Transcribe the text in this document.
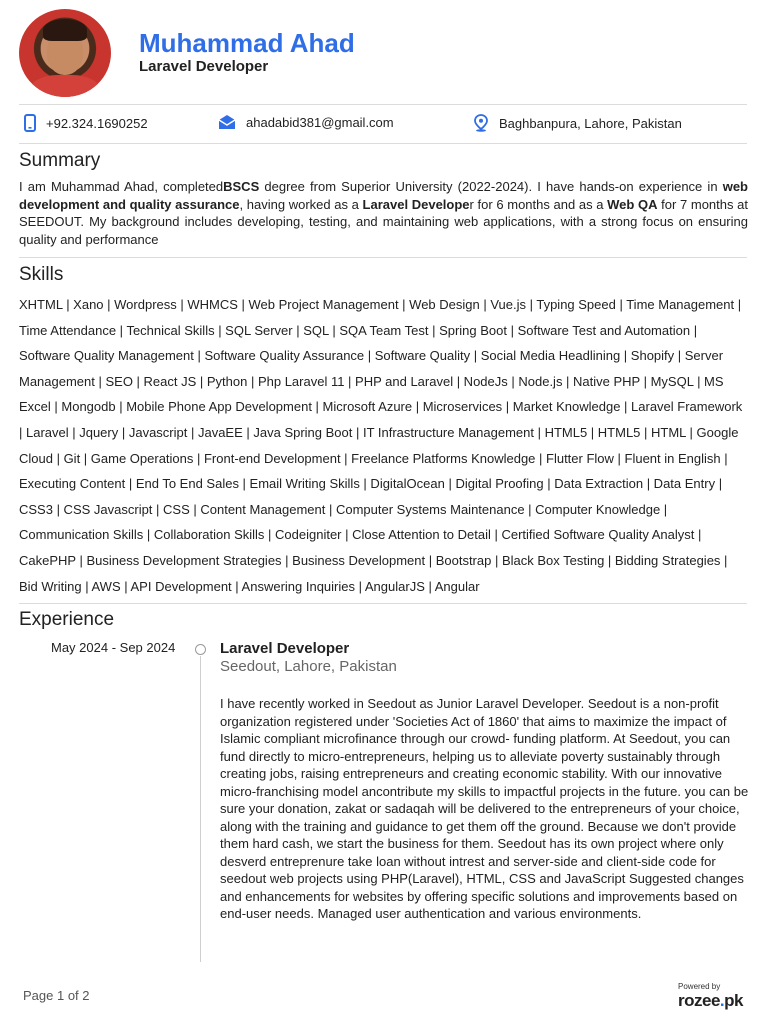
Muhammad Ahad
Laravel Developer
+92.324.1690252	ahadabid381@gmail.com	Baghbanpura, Lahore, Pakistan
Summary
I am Muhammad Ahad, completedBSCS degree from Superior University (2022-2024). I have hands-on experience in web development and quality assurance, having worked as a Laravel Developer for 6 months and as a Web QA for 7 months at SEEDOUT. My background includes developing, testing, and maintaining web applications, with a strong focus on ensuring quality and performance
Skills
XHTML | Xano | Wordpress | WHMCS | Web Project Management | Web Design | Vue.js | Typing Speed | Time Management | Time Attendance | Technical Skills | SQL Server | SQL | SQA Team Test | Spring Boot | Software Test and Automation | Software Quality Management | Software Quality Assurance | Software Quality | Social Media Headlining | Shopify | Server Management | SEO | React JS | Python | Php Laravel 11 | PHP and Laravel | NodeJs | Node.js | Native PHP | MySQL | MS Excel | Mongodb | Mobile Phone App Development | Microsoft Azure | Microservices | Market Knowledge | Laravel Framework | Laravel | Jquery | Javascript | JavaEE | Java Spring Boot | IT Infrastructure Management | HTML5 | HTML5 | HTML | Google Cloud | Git | Game Operations | Front-end Development | Freelance Platforms Knowledge | Flutter Flow | Fluent in English | Executing Content | End To End Sales | Email Writing Skills | DigitalOcean | Digital Proofing | Data Extraction | Data Entry | CSS3 | CSS Javascript | CSS | Content Management | Computer Systems Maintenance | Computer Knowledge | Communication Skills | Collaboration Skills | Codeigniter | Close Attention to Detail | Certified Software Quality Analyst | CakePHP | Business Development Strategies | Business Development | Bootstrap | Black Box Testing | Bidding Strategies | Bid Writing | AWS | API Development | Answering Inquiries | AngularJS | Angular
Experience
May 2024 - Sep 2024	Laravel Developer
Seedout, Lahore, Pakistan
I have recently worked in Seedout as Junior Laravel Developer. Seedout is a non-profit organization registered under 'Societies Act of 1860' that aims to maximize the impact of Islamic compliant microfinance through our crowd- funding platform. At Seedout, you can fund directly to micro-entrepreneurs, helping us to alleviate poverty sustainably through creating jobs, raising entrepreneurs and creating economic stability. With our innovative micro-franchising model ancontribute my skills to impactful projects in the future. you can be sure your donation, zakat or sadaqah will be delivered to the entrepreneurs of your choice, along with the training and guidance to get them off the ground. Because we don't provide them hard cash, we start the business for them. Seedout has its own project where only desverd entreprenure take loan without intrest and server-side and client-side code for seedout web projects using PHP(Laravel), HTML, CSS and JavaScript Suggested changes and enhancements for websites by offering specific solutions and improvements based on end-user needs. Managed user authentication and various environments.
Page 1 of 2
Powered by
rozee.pk
